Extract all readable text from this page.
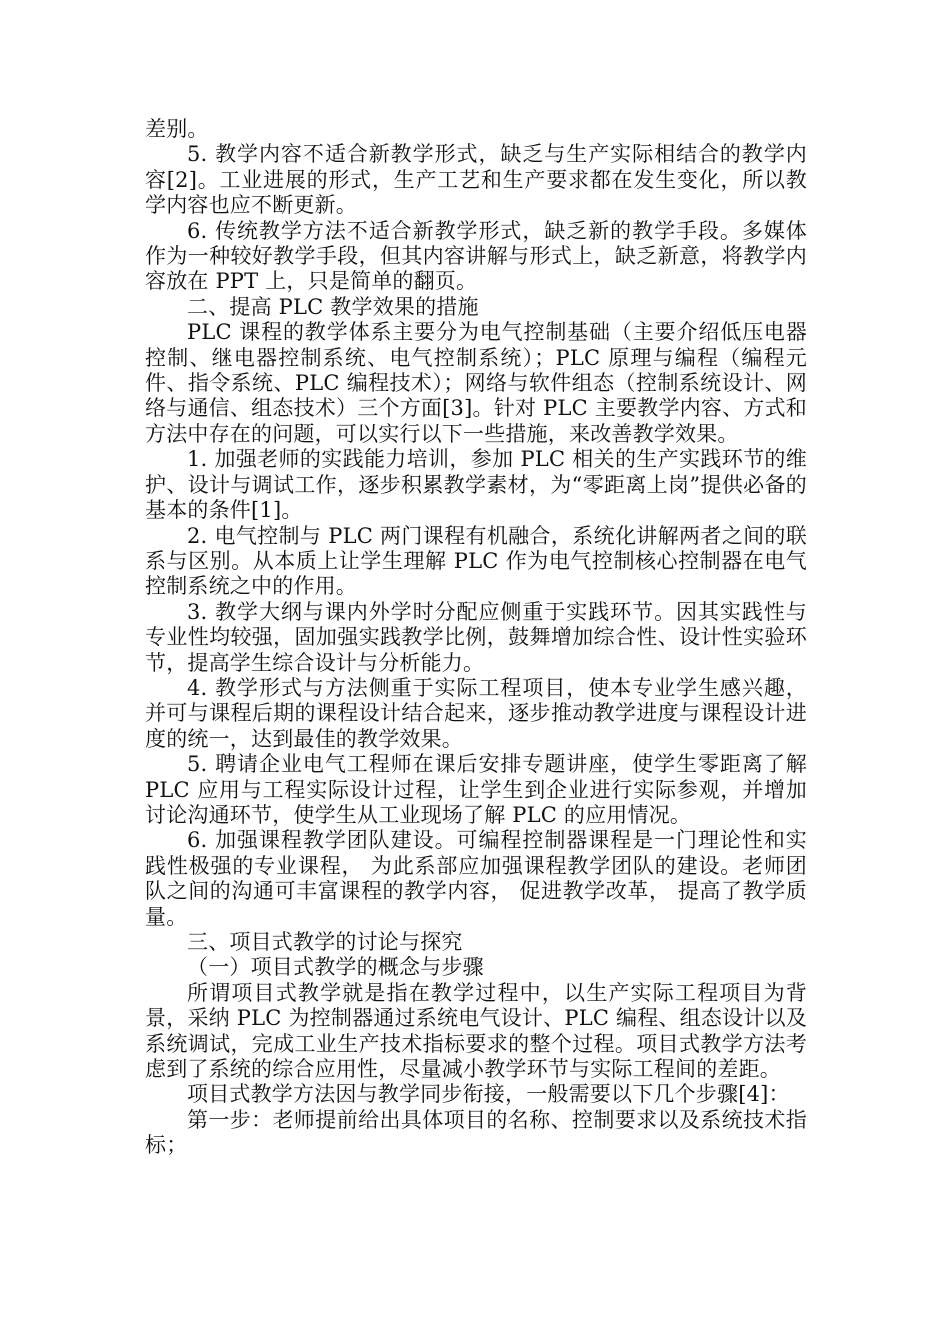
差别。

5. 教学内容不适合新教学形式，缺乏与生产实际相结合的教学内容[2]。工业进展的形式，生产工艺和生产要求都在发生变化，所以教学内容也应不断更新。

6. 传统教学方法不适合新教学形式，缺乏新的教学手段。多媒体作为一种较好教学手段，但其内容讲解与形式上，缺乏新意，将教学内容放在 PPT 上，只是简单的翻页。

二、提高 PLC 教学效果的措施

PLC 课程的教学体系主要分为电气控制基础（主要介绍低压电器控制、继电器控制系统、电气控制系统）；PLC 原理与编程（编程元件、指令系统、PLC 编程技术）；网络与软件组态（控制系统设计、网络与通信、组态技术）三个方面[3]。针对 PLC 主要教学内容、方式和方法中存在的问题，可以实行以下一些措施，来改善教学效果。

1. 加强老师的实践能力培训，参加 PLC 相关的生产实践环节的维护、设计与调试工作，逐步积累教学素材，为“零距离上岗”提供必备的基本的条件[1]。

2. 电气控制与 PLC 两门课程有机融合，系统化讲解两者之间的联系与区别。从本质上让学生理解 PLC 作为电气控制核心控制器在电气控制系统之中的作用。

3. 教学大纲与课内外学时分配应侧重于实践环节。因其实践性与专业性均较强，固加强实践教学比例，鼓舞增加综合性、设计性实验环节，提高学生综合设计与分析能力。

4. 教学形式与方法侧重于实际工程项目，使本专业学生感兴趣，并可与课程后期的课程设计结合起来，逐步推动教学进度与课程设计进度的统一，达到最佳的教学效果。

5. 聘请企业电气工程师在课后安排专题讲座，使学生零距离了解 PLC 应用与工程实际设计过程，让学生到企业进行实际参观，并增加讨论沟通环节，使学生从工业现场了解 PLC 的应用情况。

6. 加强课程教学团队建设。可编程控制器课程是一门理论性和实践性极强的专业课程， 为此系部应加强课程教学团队的建设。老师团队之间的沟通可丰富课程的教学内容， 促进教学改革， 提高了教学质量。

三、项目式教学的讨论与探究

（一）项目式教学的概念与步骤

所谓项目式教学就是指在教学过程中，以生产实际工程项目为背景，采纳 PLC 为控制器通过系统电气设计、PLC 编程、组态设计以及系统调试，完成工业生产技术指标要求的整个过程。项目式教学方法考虑到了系统的综合应用性，尽量减小教学环节与实际工程间的差距。

项目式教学方法因与教学同步衔接，一般需要以下几个步骤[4]：

第一步：老师提前给出具体项目的名称、控制要求以及系统技术指标；
